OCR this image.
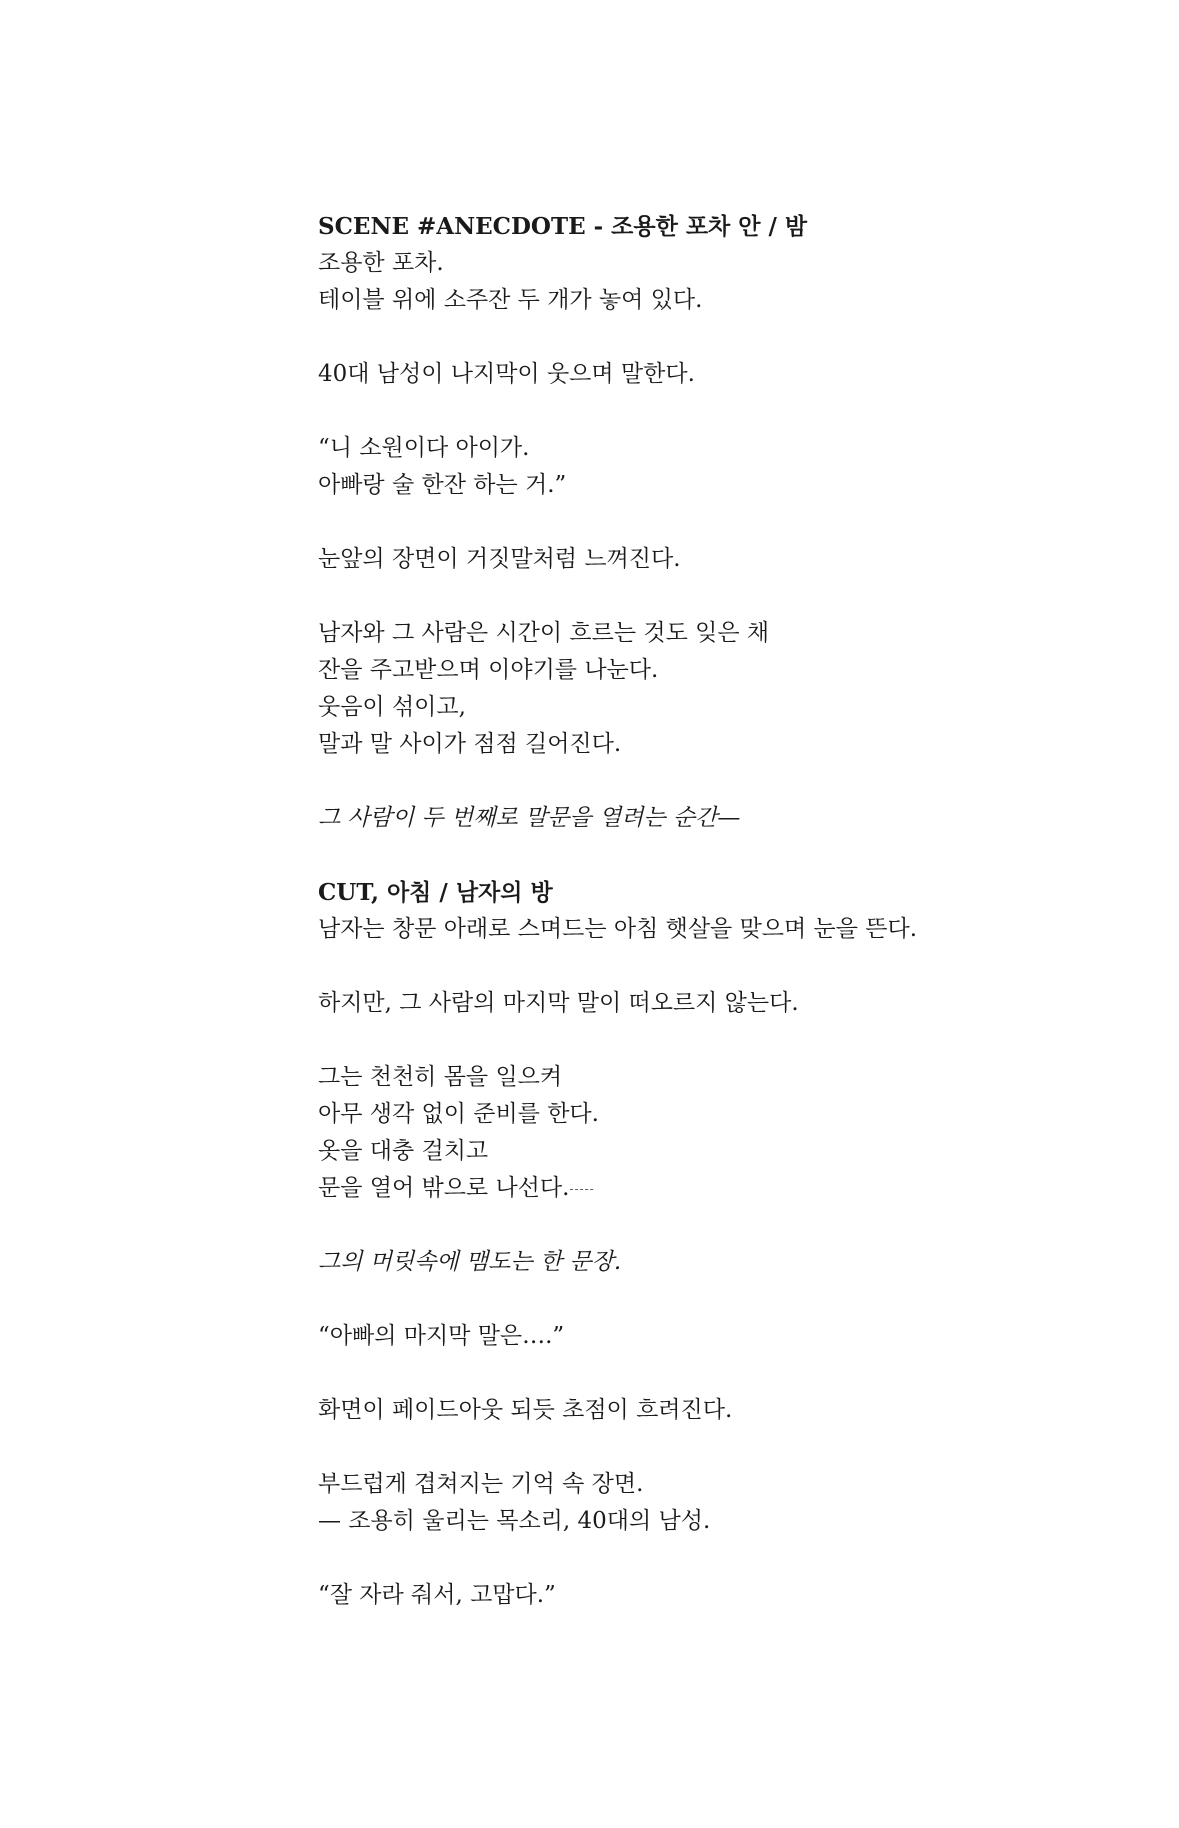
SCENE #ANECDOTE - 조용한 포차 안 / 밤
조용한 포차.
테이블 위에 소주잔 두 개가 놓여 있다.
40대 남성이 나지막이 웃으며 말한다.
“니 소원이다 아이가.
아빠랑 술 한잔 하는 거.”
눈앞의 장면이 거짓말처럼 느껴진다.
남자와 그 사람은 시간이 흐르는 것도 잊은 채
잔을 주고받으며 이야기를 나눈다.
웃음이 섞이고,
말과 말 사이가 점점 길어진다.
그 사람이 두 번째로 말문을 열려는 순간—
CUT, 아침 / 남자의 방
남자는 창문 아래로 스며드는 아침 햇살을 맞으며 눈을 뜬다.
하지만, 그 사람의 마지막 말이 떠오르지 않는다.
그는 천천히 몸을 일으켜
아무 생각 없이 준비를 한다.
옷을 대충 걸치고
문을 열어 밖으로 나선다.-----
그의 머릿속에 맴도는 한 문장.
“아빠의 마지막 말은….”
화면이 페이드아웃 되듯 초점이 흐려진다.
부드럽게 겹쳐지는 기억 속 장면.
— 조용히 울리는 목소리, 40대의 남성.
“잘 자라 줘서, 고맙다.”
